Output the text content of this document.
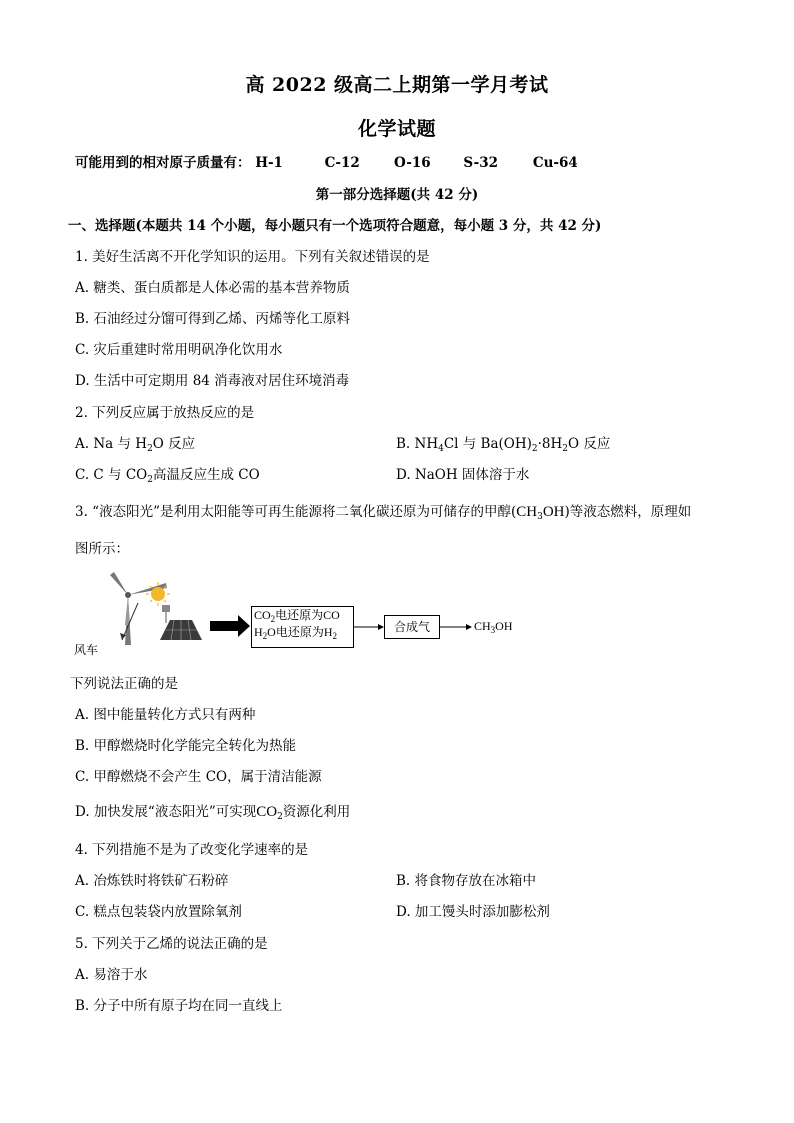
高 2022 级高二上期第一学月考试
化学试题
可能用到的相对原子质量有： H-1	C-12	O-16 S-32	Cu-64
第一部分选择题(共 42 分)
一、选择题(本题共 14 个小题，每小题只有一个选项符合题意，每小题 3 分，共 42 分)
1. 美好生活离不开化学知识的运用。下列有关叙述错误的是
A. 糖类、蛋白质都是人体必需的基本营养物质
B. 石油经过分馏可得到乙烯、丙烯等化工原料
C. 灾后重建时常用明矾净化饮用水
D. 生活中可定期用 84 消毒液对居住环境消毒
2. 下列反应属于放热反应的是
A. Na 与 $H_2O$ 反应	B. $NH_4Cl$ 与 $Ba(OH)_2\cdot 8H_2O$ 反应
C. C 与 $CO_2$高温反应生成 CO	D. NaOH 固体溶于水
3. “液态阳光”是利用太阳能等可再生能源将二氧化碳还原为可储存的甲醇$(CH_3OH)$等液态燃料，原理如
图所示：
$CO_2$电还原为CO
$H_2O$电还原为$H_2$
合成气	$CH_3OH$
风车
下列说法正确的是
A. 图中能量转化方式只有两种
B. 甲醇燃烧时化学能完全转化为热能
C. 甲醇燃烧不会产生 CO，属于清洁能源
D. 加快发展“液态阳光”可实现$CO_2$资源化利用
4. 下列措施不是为了改变化学速率的是
A. 冶炼铁时将铁矿石粉碎	B. 将食物存放在冰箱中
C. 糕点包装袋内放置除氧剂	D. 加工馒头时添加膨松剂
5. 下列关于乙烯的说法正确的是
A. 易溶于水
B. 分子中所有原子均在同一直线上
